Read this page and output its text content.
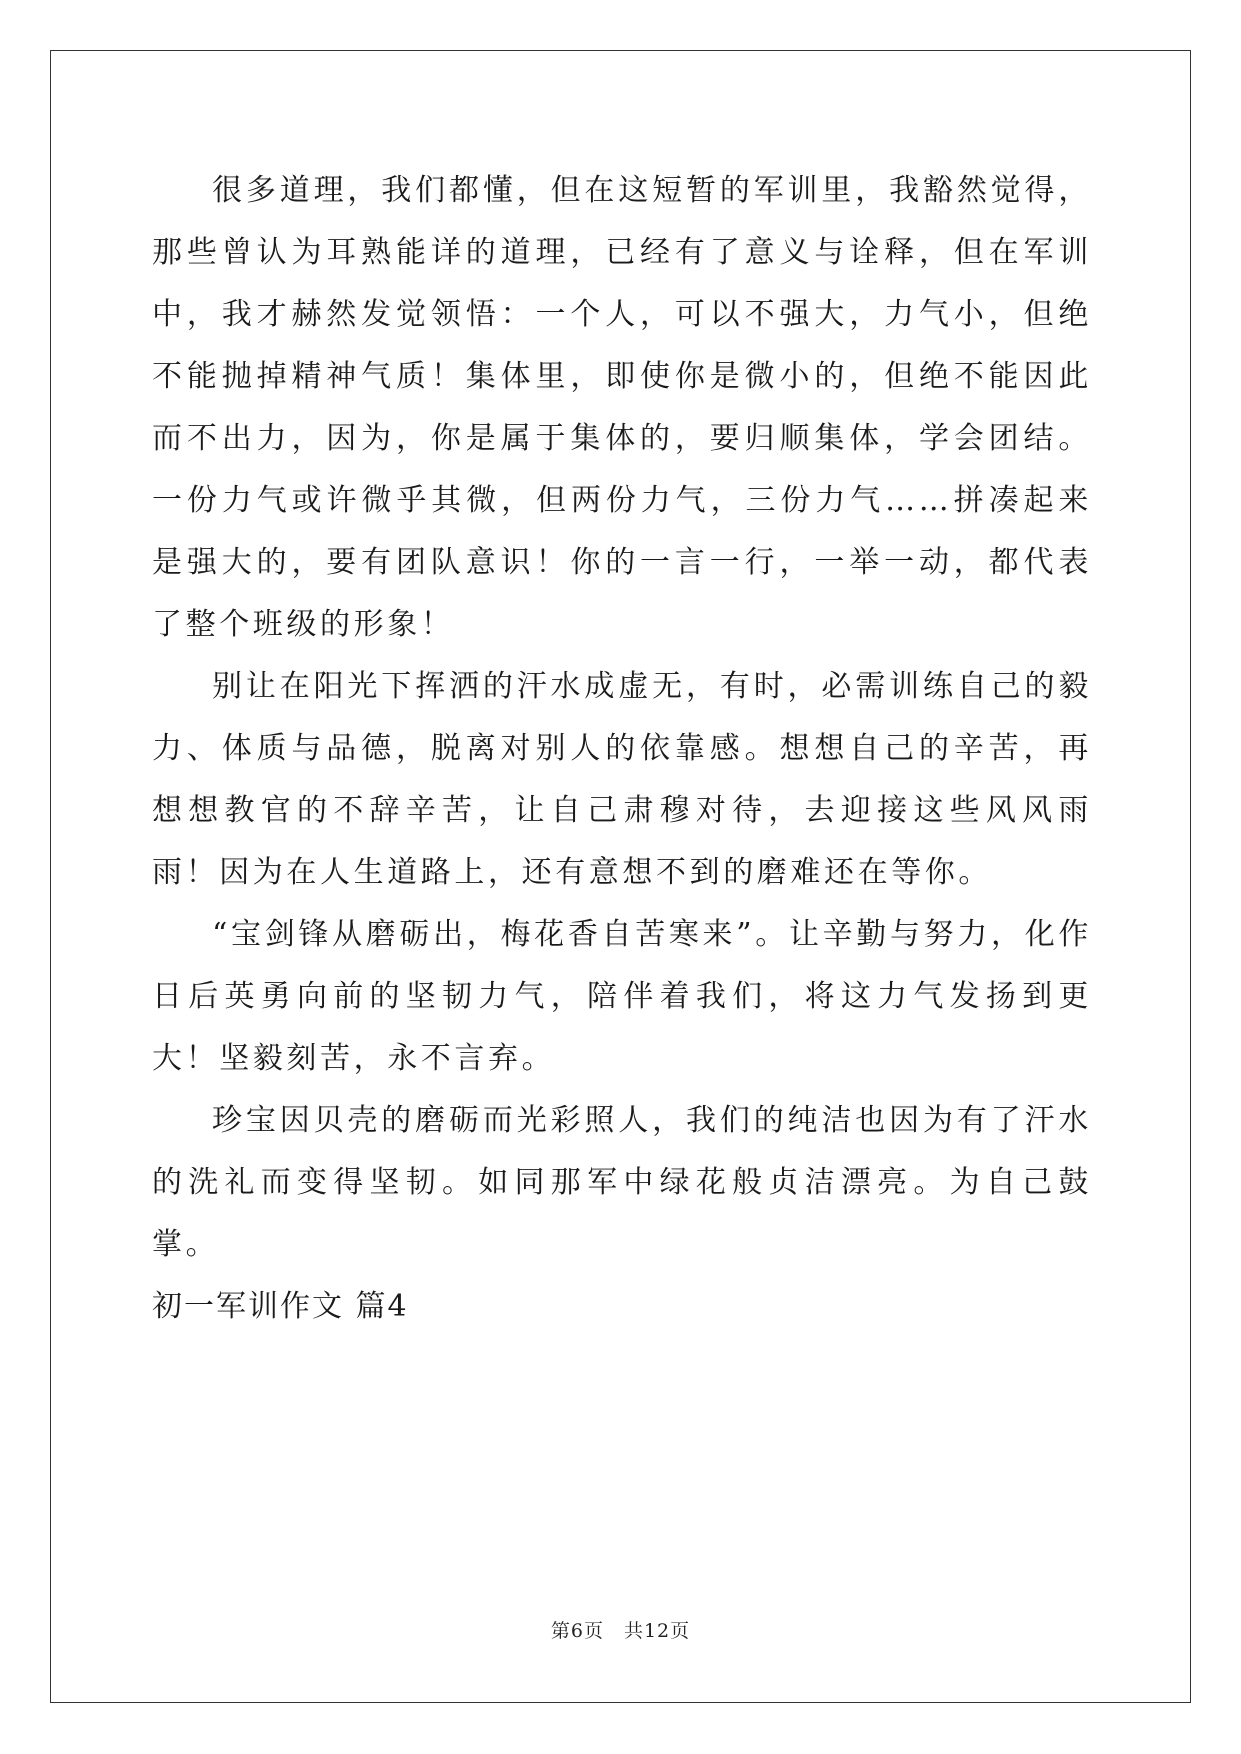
很多道理，我们都懂，但在这短暂的军训里，我豁然觉得，那些曾认为耳熟能详的道理，已经有了意义与诠释，但在军训中，我才赫然发觉领悟：一个人，可以不强大，力气小，但绝不能抛掉精神气质！集体里，即使你是微小的，但绝不能因此而不出力，因为，你是属于集体的，要归顺集体，学会团结。一份力气或许微乎其微，但两份力气，三份力气……拼凑起来是强大的，要有团队意识！你的一言一行，一举一动，都代表了整个班级的形象！

别让在阳光下挥洒的汗水成虚无，有时，必需训练自己的毅力、体质与品德，脱离对别人的依靠感。想想自己的辛苦，再想想教官的不辞辛苦，让自己肃穆对待，去迎接这些风风雨雨！因为在人生道路上，还有意想不到的磨难还在等你。

“宝剑锋从磨砺出，梅花香自苦寒来”。让辛勤与努力，化作日后英勇向前的坚韧力气，陪伴着我们，将这力气发扬到更大！坚毅刻苦，永不言弃。

珍宝因贝壳的磨砺而光彩照人，我们的纯洁也因为有了汗水的洗礼而变得坚韧。如同那军中绿花般贞洁漂亮。为自己鼓掌。

初一军训作文 篇4

第6页 共12页
